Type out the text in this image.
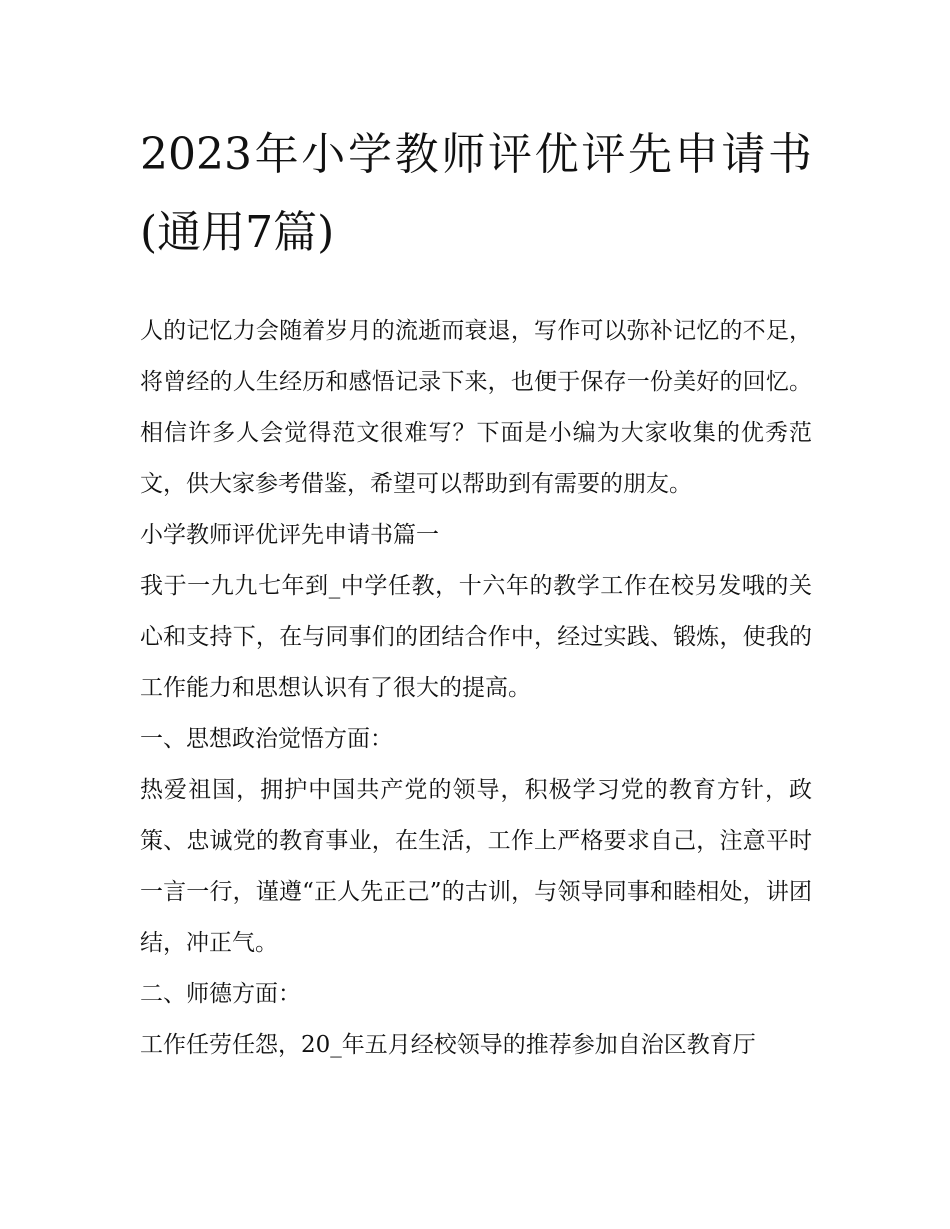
2023年小学教师评优评先申请书(通用7篇)

人的记忆力会随着岁月的流逝而衰退，写作可以弥补记忆的不足，将曾经的人生经历和感悟记录下来，也便于保存一份美好的回忆。相信许多人会觉得范文很难写？下面是小编为大家收集的优秀范文，供大家参考借鉴，希望可以帮助到有需要的朋友。

小学教师评优评先申请书篇一

我于一九九七年到_中学任教，十六年的教学工作在校另发哦的关心和支持下，在与同事们的团结合作中，经过实践、锻炼，使我的工作能力和思想认识有了很大的提高。

一、思想政治觉悟方面：

热爱祖国，拥护中国共产党的领导，积极学习党的教育方针，政策、忠诚党的教育事业，在生活，工作上严格要求自己，注意平时一言一行，谨遵“正人先正己”的古训，与领导同事和睦相处，讲团结，冲正气。

二、师德方面：

工作任劳任怨，20_年五月经校领导的推荐参加自治区教育厅
